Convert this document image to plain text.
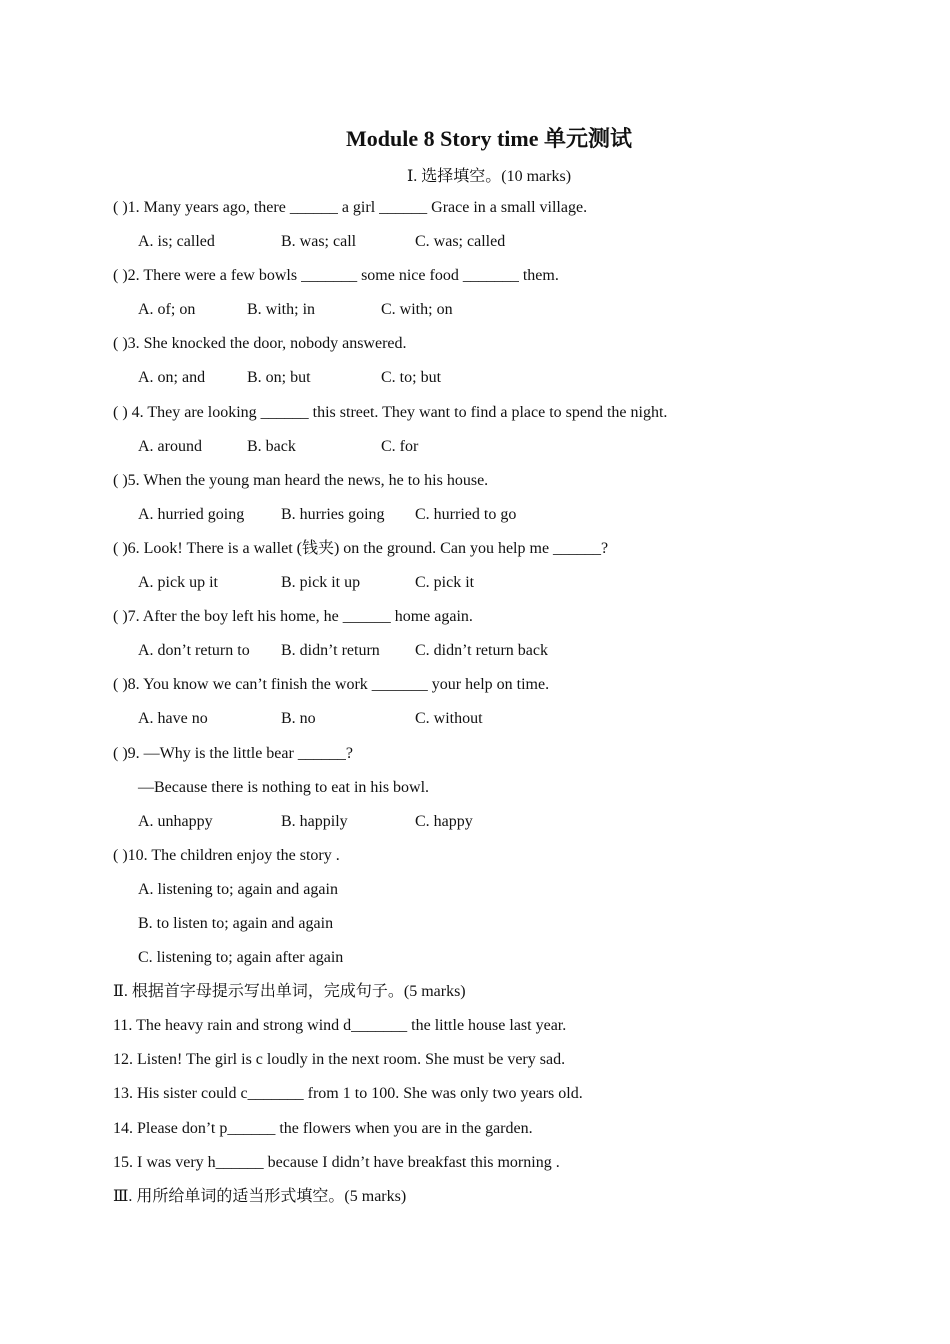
Module 8 Story time 单元测试
Ⅰ. 选择填空。(10 marks)
( )1. Many years ago, there ______ a girl ______ Grace in a small village.
A. is; called	B. was; call	C. was; called
( )2. There were a few bowls _______ some nice food _______ them.
A. of; on	B. with; in	C. with; on
( )3. She knocked the door, nobody answered.
A. on; and	B. on; but	C. to; but
( ) 4. They are looking ______ this street. They want to find a place to spend the night.
A. around	B. back	C. for
( )5. When the young man heard the news, he to his house.
A. hurried going B. hurries going C. hurried to go
( )6. Look! There is a wallet (钱夹) on the ground. Can you help me ______?
A. pick up it	B. pick it up	C. pick it
( )7. After the boy left his home, he ______ home again.
A. don’t return to B. didn’t return C. didn’t return back
( )8. You know we can’t finish the work _______ your help on time.
A. have no	B. no	C. without
( )9. —Why is the little bear ______?
—Because there is nothing to eat in his bowl.
A. unhappy	B. happily	C. happy
( )10. The children enjoy the story .
A. listening to; again and again
B. to listen to; again and again
C. listening to; again after again
Ⅱ. 根据首字母提示写出单词，完成句子。(5 marks)
11. The heavy rain and strong wind d_______ the little house last year.
12. Listen! The girl is c loudly in the next room. She must be very sad.
13. His sister could c_______ from 1 to 100. She was only two years old.
14. Please don’t p______ the flowers when you are in the garden.
15. I was very h______ because I didn’t have breakfast this morning .
Ⅲ. 用所给单词的适当形式填空。(5 marks)
